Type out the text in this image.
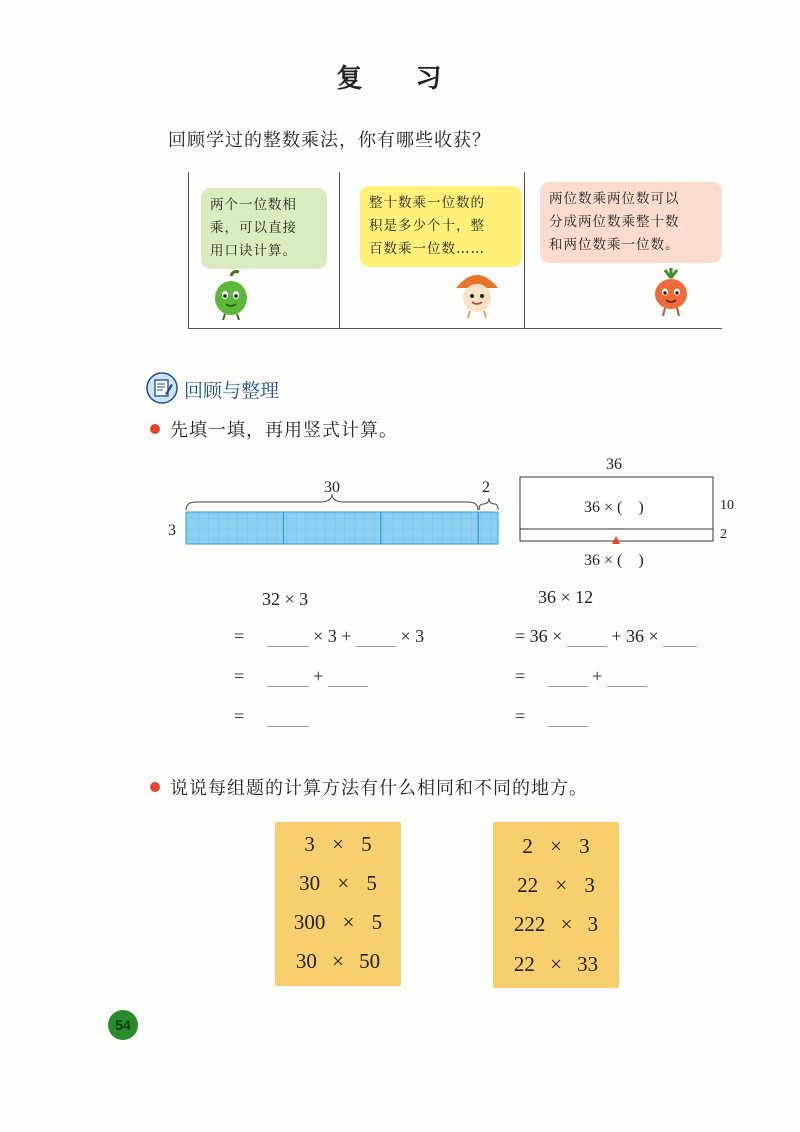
复 习
回顾学过的整数乘法，你有哪些收获？
两个一位数相
乘，可以直接
用口诀计算。
整十数乘一位数的
积是多少个十，整
百数乘一位数……
两位数乘两位数可以
分成两位数乘整十数
和两位数乘一位数。
回顾与整理
先填一填，再用竖式计算。
30	2
3
36
36 × (　)	10
2
36 × (　)
32 × 3
=	× 3 +	× 3
=	+
=
36 × 12
= 36 ×	+ 36 ×
=	+
=
说说每组题的计算方法有什么相同和不同的地方。
3 × 5
30 × 5
300 × 5
30 × 50
2 × 3
22 × 3
222 × 3
22 × 33
54
